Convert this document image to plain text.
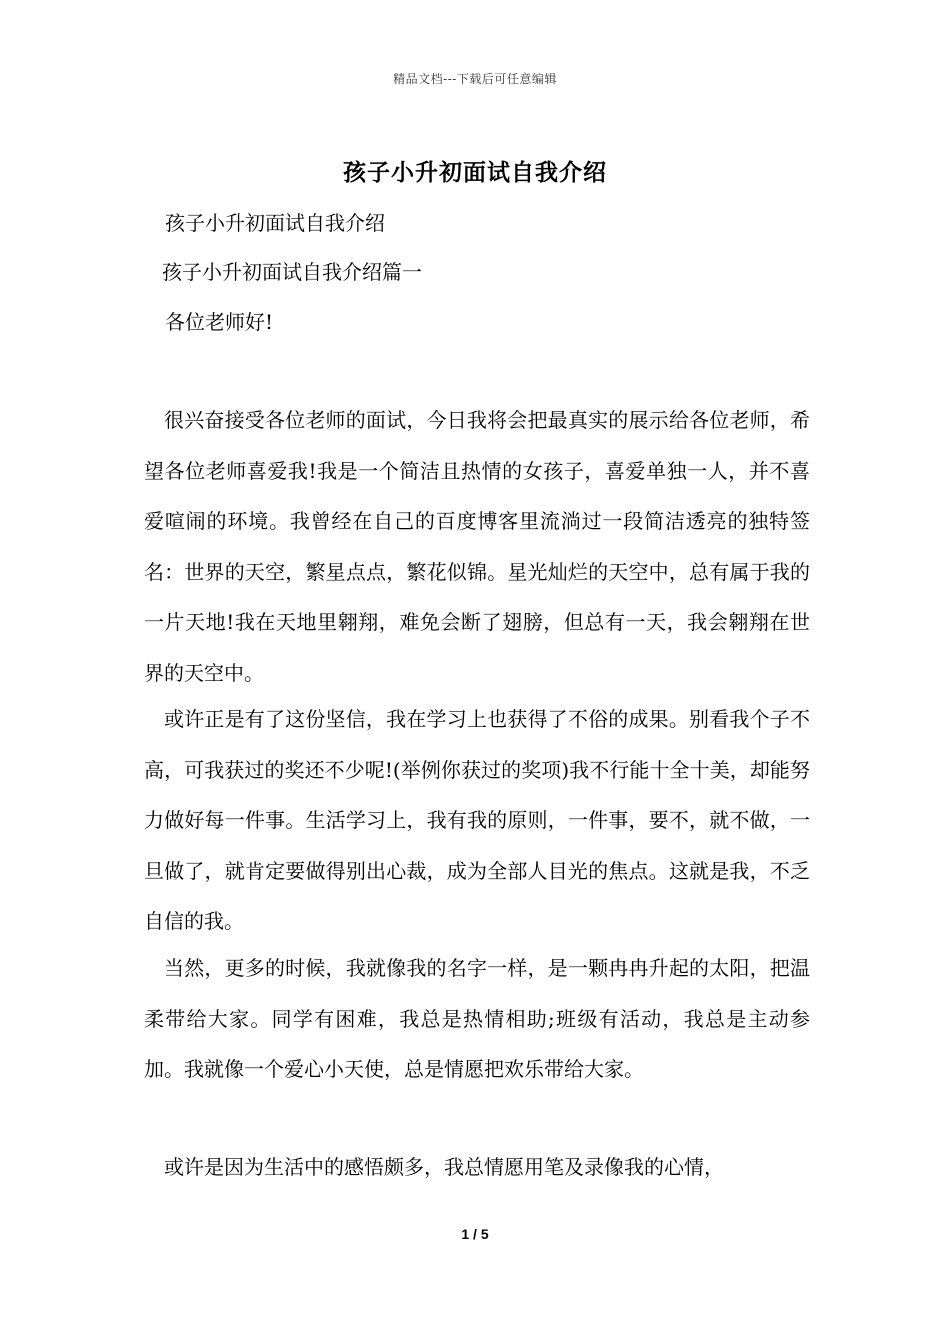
精品文档---下载后可任意编辑
孩子小升初面试自我介绍
孩子小升初面试自我介绍
孩子小升初面试自我介绍篇一
各位老师好!

很兴奋接受各位老师的面试，今日我将会把最真实的展示给各位老师，希望各位老师喜爱我!我是一个简洁且热情的女孩子，喜爱单独一人，并不喜爱喧闹的环境。我曾经在自己的百度博客里流淌过一段简洁透亮的独特签名：世界的天空，繁星点点，繁花似锦。星光灿烂的天空中，总有属于我的一片天地!我在天地里翱翔，难免会断了翅膀，但总有一天，我会翱翔在世界的天空中。

或许正是有了这份坚信，我在学习上也获得了不俗的成果。别看我个子不高，可我获过的奖还不少呢!(举例你获过的奖项)我不行能十全十美，却能努力做好每一件事。生活学习上，我有我的原则，一件事，要不，就不做，一旦做了，就肯定要做得别出心裁，成为全部人目光的焦点。这就是我，不乏自信的我。

当然，更多的时候，我就像我的名字一样，是一颗冉冉升起的太阳，把温柔带给大家。同学有困难，我总是热情相助;班级有活动，我总是主动参加。我就像一个爱心小天使，总是情愿把欢乐带给大家。

或许是因为生活中的感悟颇多，我总情愿用笔及录像我的心情，

1 / 5
